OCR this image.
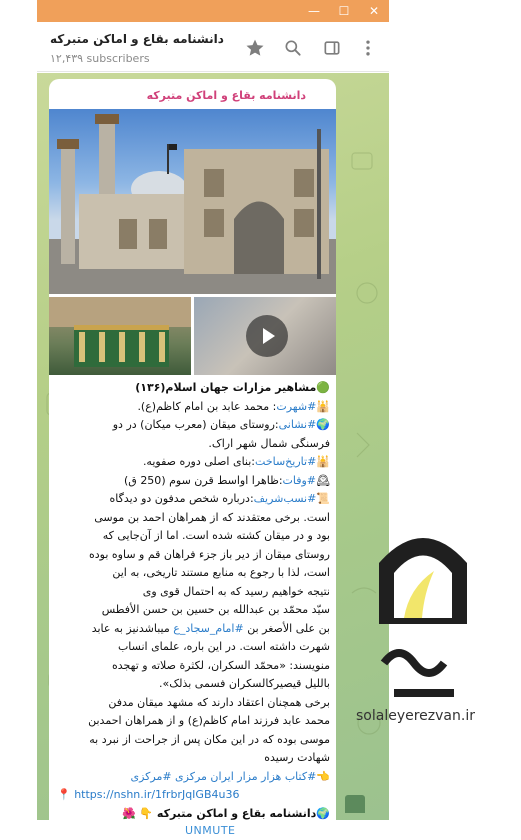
—	☐	✕
دانشنامه بقاع و اماکن متبرکه
۱۲,۴۳۹ subscribers
دانشنامه بقاع و اماکن متبرکه

🟢مشاهیر مزارات جهان اسلام(۱۳۶)

🕌#شهرت: محمد عابد بن امام کاظم(ع).

🌍#نشانی:روستای میقان (معرب میکان) در دو

فرسنگی شمال شهر اراک.

🕌#تاریخ‌ساخت:بنای اصلی دوره صفویه.

🕰#وفات:ظاهرا اواسط قرن سوم (250 ق)

📜#نسب‌شریف:درباره شخص مدفون دو دیدگاه

است. برخی معتقدند که از همراهان احمد بن موسی

بود و در میقان کشته شده است. اما از آن‌جایی که

روستای میقان از دیر باز جزء فراهان قم و ساوه بوده

است، لذا با رجوع به منابع مستند تاریخی، به این

نتیجه خواهیم رسید که به احتمال قوی وی

سیّد محمّد بن عبدالله بن حسین بن حسن الأفطس

بن علی الأصغر بن #امام_سجاد_ع میباشدنیز به عابد

شهرت داشته است. در این باره، علمای انساب

منویسند: «محمّد السکران، لکثرة صلاته و تهجده

باللیل قیصیرکالسکران فسمی بذلک».

برخی همچنان اعتقاد دارند که مشهد میقان مدفن

محمد عابد فرزند امام کاظم(ع) و از همراهان احمدبن

موسی بوده که در این مکان پس از جراحت از نبرد به

شهادت رسیده

👈#کتاب هزار مزار ایران مرکزی #مرکزی

📍 https://nshn.ir/1frbrJqIGB4u36

🌍دانشنامه بقاع و اماکن متبرکه 👇 🌺

UNMUTE
solaleyerezvan.ir
